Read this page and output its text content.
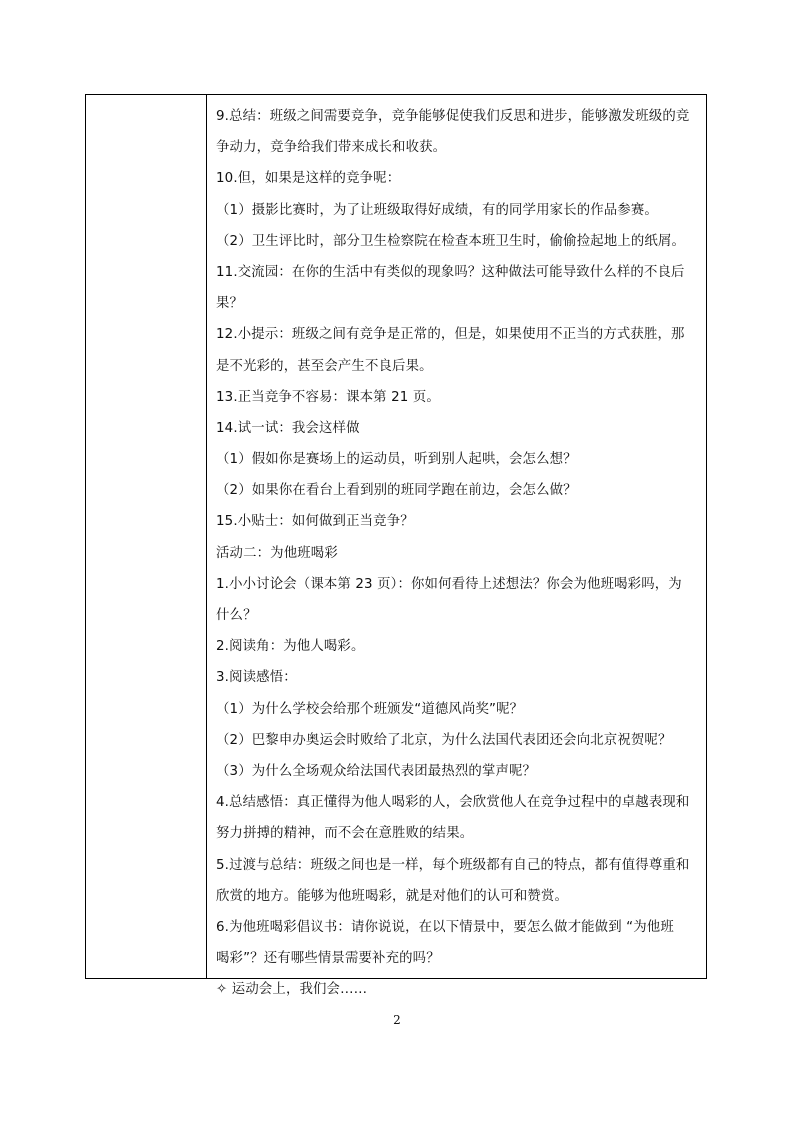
9.总结：班级之间需要竞争，竞争能够促使我们反思和进步，能够激发班级的竞
争动力，竞争给我们带来成长和收获。
10.但，如果是这样的竞争呢：
（1）摄影比赛时，为了让班级取得好成绩，有的同学用家长的作品参赛。
（2）卫生评比时，部分卫生检察院在检查本班卫生时，偷偷捡起地上的纸屑。
11.交流园：在你的生活中有类似的现象吗？这种做法可能导致什么样的不良后
果？
12.小提示：班级之间有竞争是正常的，但是，如果使用不正当的方式获胜，那
是不光彩的，甚至会产生不良后果。
13.正当竞争不容易：课本第 21 页。
14.试一试：我会这样做
（1）假如你是赛场上的运动员，听到别人起哄，会怎么想？
（2）如果你在看台上看到别的班同学跑在前边，会怎么做？
15.小贴士：如何做到正当竞争？
活动二：为他班喝彩
1.小小讨论会（课本第 23 页）：你如何看待上述想法？你会为他班喝彩吗，为
什么？
2.阅读角：为他人喝彩。
3.阅读感悟：
（1）为什么学校会给那个班颁发“道德风尚奖”呢？
（2）巴黎申办奥运会时败给了北京，为什么法国代表团还会向北京祝贺呢？
（3）为什么全场观众给法国代表团最热烈的掌声呢？
4.总结感悟：真正懂得为他人喝彩的人，会欣赏他人在竞争过程中的卓越表现和
努力拼搏的精神，而不会在意胜败的结果。
5.过渡与总结：班级之间也是一样，每个班级都有自己的特点，都有值得尊重和
欣赏的地方。能够为他班喝彩，就是对他们的认可和赞赏。
6.为他班喝彩倡议书：请你说说，在以下情景中，要怎么做才能做到 “为他班
喝彩”？还有哪些情景需要补充的吗？
✧ 运动会上，我们会……
2
